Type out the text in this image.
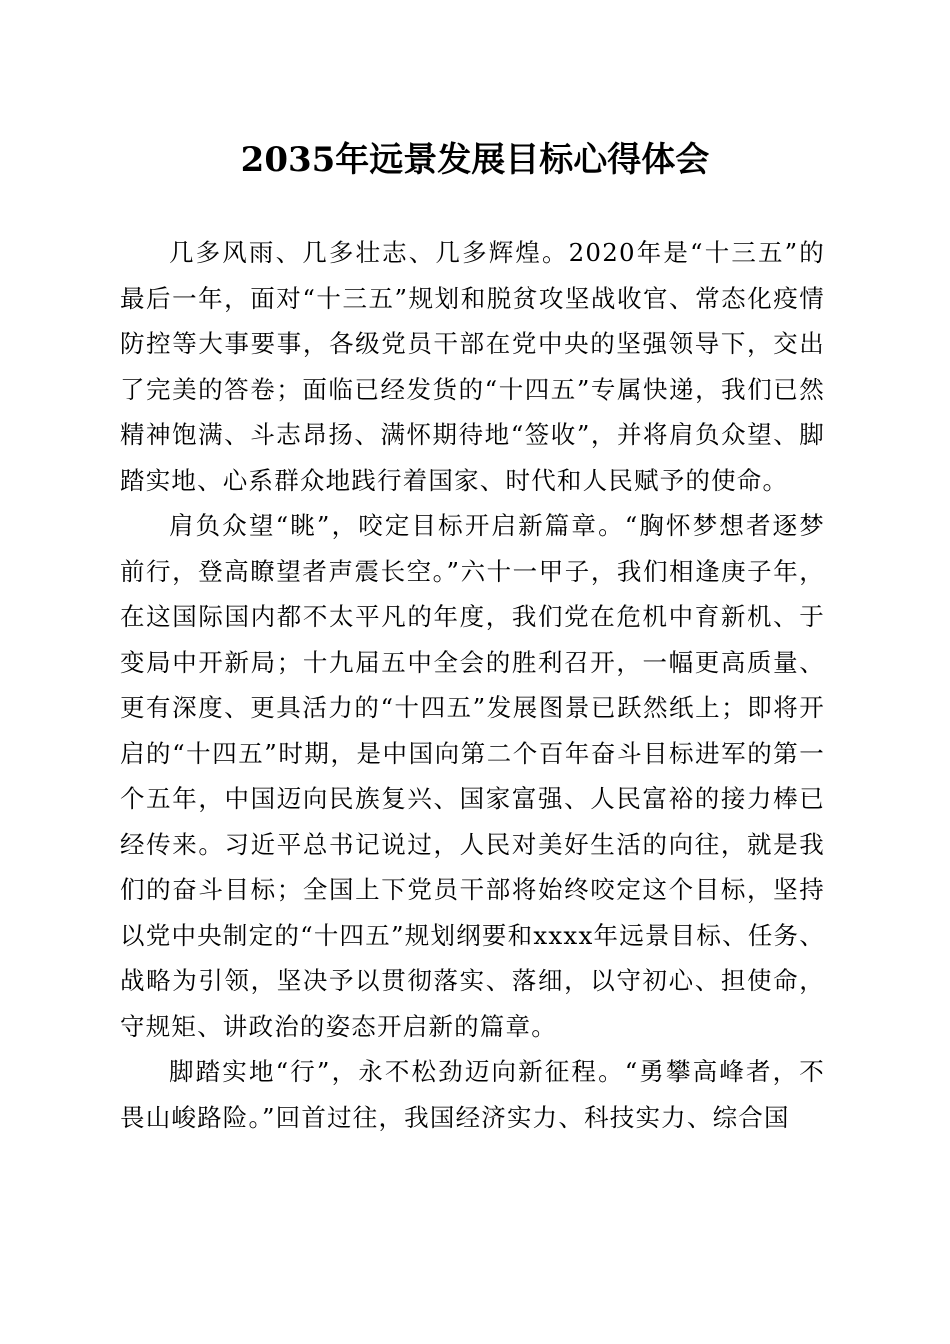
2035年远景发展目标心得体会

几多风雨、几多壮志、几多辉煌。2020年是“十三五”的最后一年，面对“十三五”规划和脱贫攻坚战收官、常态化疫情防控等大事要事，各级党员干部在党中央的坚强领导下，交出了完美的答卷；面临已经发货的“十四五”专属快递，我们已然精神饱满、斗志昂扬、满怀期待地“签收”，并将肩负众望、脚踏实地、心系群众地践行着国家、时代和人民赋予的使命。

肩负众望“眺”，咬定目标开启新篇章。“胸怀梦想者逐梦前行，登高瞭望者声震长空。”六十一甲子，我们相逢庚子年，在这国际国内都不太平凡的年度，我们党在危机中育新机、于变局中开新局；十九届五中全会的胜利召开，一幅更高质量、更有深度、更具活力的“十四五”发展图景已跃然纸上；即将开启的“十四五”时期，是中国向第二个百年奋斗目标进军的第一个五年，中国迈向民族复兴、国家富强、人民富裕的接力棒已经传来。习近平总书记说过，人民对美好生活的向往，就是我们的奋斗目标；全国上下党员干部将始终咬定这个目标，坚持以党中央制定的“十四五”规划纲要和xxxx年远景目标、任务、战略为引领，坚决予以贯彻落实、落细，以守初心、担使命，守规矩、讲政治的姿态开启新的篇章。

脚踏实地“行”，永不松劲迈向新征程。“勇攀高峰者，不畏山峻路险。”回首过往，我国经济实力、科技实力、综合国
